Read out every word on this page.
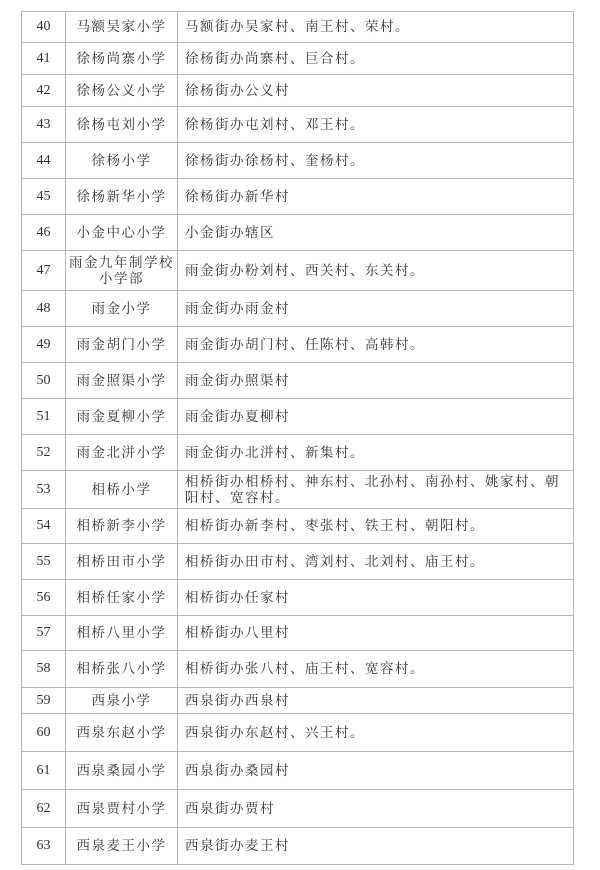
40	马额吴家小学	马额街办吴家村、南王村、荣村。
41	徐杨尚寨小学	徐杨街办尚寨村、巨合村。
42	徐杨公义小学	徐杨街办公义村
43	徐杨屯刘小学	徐杨街办屯刘村、邓王村。
44	徐杨小学	徐杨街办徐杨村、奎杨村。
45	徐杨新华小学	徐杨街办新华村
46	小金中心小学	小金街办辖区
47	雨金九年制学校小学部	雨金街办粉刘村、西关村、东关村。
48	雨金小学	雨金街办雨金村
49	雨金胡门小学	雨金街办胡门村、任陈村、高韩村。
50	雨金照渠小学	雨金街办照渠村
51	雨金夏柳小学	雨金街办夏柳村
52	雨金北洴小学	雨金街办北洴村、新集村。
53	相桥小学	相桥街办相桥村、神东村、北孙村、南孙村、姚家村、朝阳村、宽容村。
54	相桥新李小学	相桥街办新李村、枣张村、铁王村、朝阳村。
55	相桥田市小学	相桥街办田市村、湾刘村、北刘村、庙王村。
56	相桥任家小学	相桥街办任家村
57	相桥八里小学	相桥街办八里村
58	相桥张八小学	相桥街办张八村、庙王村、宽容村。
59	西泉小学	西泉街办西泉村
60	西泉东赵小学	西泉街办东赵村、兴王村。
61	西泉桑园小学	西泉街办桑园村
62	西泉贾村小学	西泉街办贾村
63	西泉麦王小学	西泉街办麦王村
